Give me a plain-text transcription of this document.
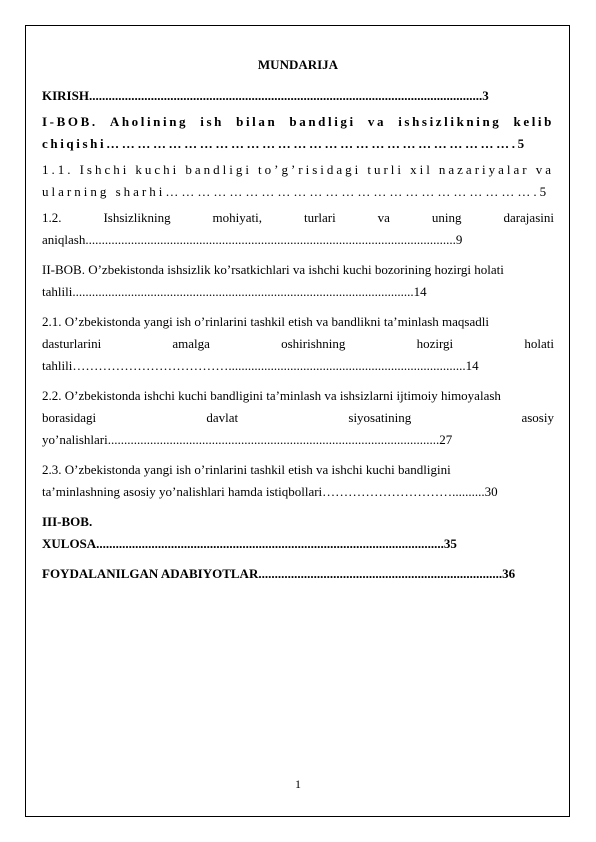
MUNDARIJA
KIRISH.........................................................................................................................3
I-BOB. Aholining ish bilan bandligi va ishsizlikning kelib
chiqishi…………………………………………………………………….5
1.1. Ishchi kuchi bandligi to’g’risidagi turli xil nazariyalar va
ularning sharhi…………………………………………………………….5
1.2.	Ishsizlikning	mohiyati,	turlari	va	uning	darajasini
aniqlash..................................................................................................................9
II-BOB. O’zbekistonda ishsizlik ko’rsatkichlari va ishchi kuchi bozorining hozirgi holati
tahlili.........................................................................................................14
2.1. O’zbekistonda yangi ish o’rinlarini tashkil etish va bandlikni ta’minlash maqsadli
dasturlarini	amalga	oshirishning	hozirgi	holati
tahlili……………………………….........................................................................14
2.2. O’zbekistonda ishchi kuchi bandligini ta’minlash va ishsizlarni ijtimoiy himoyalash
borasidagi	davlat	siyosatining	asosiy
yo’nalishlari......................................................................................................27
2.3. O’zbekistonda yangi ish o’rinlarini tashkil etish va ishchi kuchi bandligini
ta’minlashning asosiy yo’nalishlari hamda istiqbollari…………………………..........30
III-BOB.
XULOSA...........................................................................................................35
FOYDALANILGAN ADABIYOTLAR...........................................................................36
1
